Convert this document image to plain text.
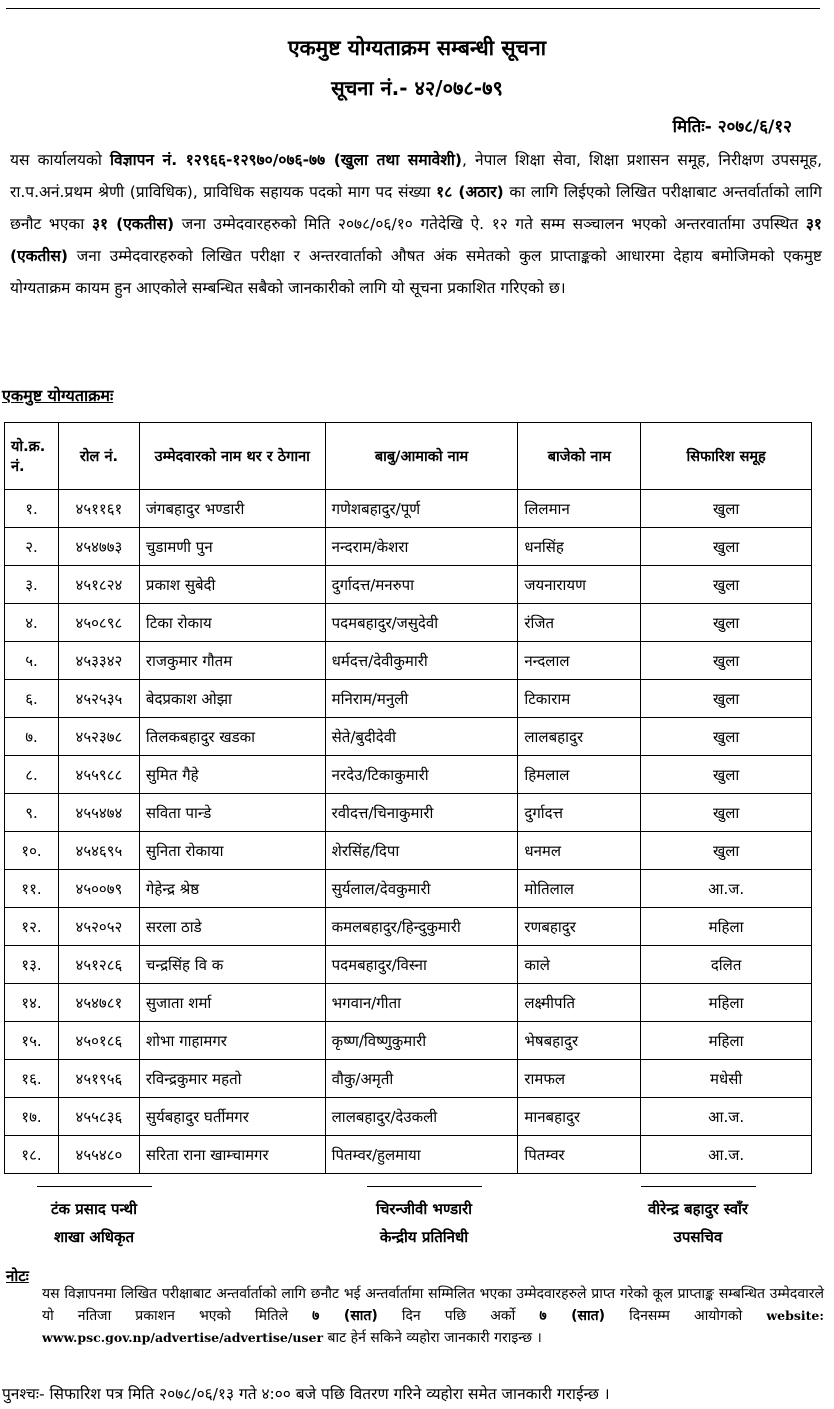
एकमुष्ट योग्यताक्रम सम्बन्धी सूचना
सूचना नं.- ४२/०७८-७९
मितिः- २०७८/६/१२
यस कार्यालयको विज्ञापन नं. १२९६६-१२९७०/०७६-७७ (खुला तथा समावेशी), नेपाल शिक्षा सेवा, शिक्षा प्रशासन समूह, निरीक्षण उपसमूह, रा.प.अनं.प्रथम श्रेणी (प्राविधिक), प्राविधिक सहायक पदको माग पद संख्या १८ (अठार) का लागि लिईएको लिखित परीक्षाबाट अन्तर्वार्ताको लागि छनौट भएका ३१ (एकतीस) जना उम्मेदवारहरुको मिति २०७८/०६/१० गतेदेखि ऐ. १२ गते सम्म सञ्चालन भएको अन्तरवार्तामा उपस्थित ३१ (एकतीस) जना उम्मेदवारहरुको लिखित परीक्षा र अन्तरवार्ताको औषत अंक समेतको कुल प्राप्ताङ्कको आधारमा देहाय बमोजिमको एकमुष्ट योग्यताक्रम कायम हुन आएकोले सम्बन्धित सबैको जानकारीको लागि यो सूचना प्रकाशित गरिएको छ।
एकमुष्ट योग्यताक्रमः
यो.क्र. नं.	रोल नं.	उम्मेदवारको नाम थर र ठेगाना	बाबु/आमाको नाम	बाजेको नाम	सिफारिश समूह
१.	४५११६१	जंगबहादुर भण्डारी	गणेशबहादुर/पूर्ण	लिलमान	खुला
२.	४५४७७३	चुडामणी पुन	नन्दराम/केशरा	धनसिंह	खुला
३.	४५१८२४	प्रकाश सुबेदी	दुर्गादत्त/मनरुपा	जयनारायण	खुला
४.	४५०८९८	टिका रोकाय	पदमबहादुर/जसुदेवी	रंजित	खुला
५.	४५३३४२	राजकुमार गौतम	धर्मदत्त/देवीकुमारी	नन्दलाल	खुला
६.	४५२५३५	बेदप्रकाश ओझा	मनिराम/मनुली	टिकाराम	खुला
७.	४५२३७८	तिलकबहादुर खडका	सेते/बुदीदेवी	लालबहादुर	खुला
८.	४५५९८८	सुमित गैहे	नरदेउ/टिकाकुमारी	हिमलाल	खुला
९.	४५५४७४	सविता पान्डे	रवीदत्त/चिनाकुमारी	दुर्गादत्त	खुला
१०.	४५४६९५	सुनिता रोकाया	शेरसिंह/दिपा	धनमल	खुला
११.	४५००७९	गेहेन्द्र श्रेष्ठ	सुर्यलाल/देवकुमारी	मोतिलाल	आ.ज.
१२.	४५२०५२	सरला ठाडे	कमलबहादुर/हिन्दुकुमारी	रणबहादुर	महिला
१३.	४५१२८६	चन्द्रसिंह वि क	पदमबहादुर/विस्ना	काले	दलित
१४.	४५४७८१	सुजाता शर्मा	भगवान/गीता	लक्ष्मीपति	महिला
१५.	४५०१८६	शोभा गाहामगर	कृष्ण/विष्णुकुमारी	भेषबहादुर	महिला
१६.	४५१९५६	रविन्द्रकुमार महतो	वौकु/अमृती	रामफल	मधेसी
१७.	४५५८३६	सुर्यबहादुर घर्तीमगर	लालबहादुर/देउकली	मानबहादुर	आ.ज.
१८.	४५५४८०	सरिता राना खाम्चामगर	पितम्वर/हुलमाया	पितम्वर	आ.ज.
टंक प्रसाद पन्थी
शाखा अधिकृत
चिरन्जीवी भण्डारी
केन्द्रीय प्रतिनिधी
वीरेन्द्र बहादुर स्वाँर
उपसचिव
नोटः
यस विज्ञापनमा लिखित परीक्षाबाट अन्तर्वार्ताको लागि छनौट भई अन्तर्वार्तामा सम्मिलित भएका उम्मेदवारहरुले प्राप्त गरेको कूल प्राप्ताङ्क सम्बन्धित उम्मेदवारले यो नतिजा प्रकाशन भएको मितिले ७ (सात) दिन पछि अर्को ७ (सात) दिनसम्म आयोगको website: www.psc.gov.np/advertise/advertise/user बाट हेर्न सकिने व्यहोरा जानकारी गराइन्छ ।
पुनश्चः- सिफारिश पत्र मिति २०७८/०६/१३ गते ४:०० बजे पछि वितरण गरिने व्यहोरा समेत जानकारी गराईन्छ ।
